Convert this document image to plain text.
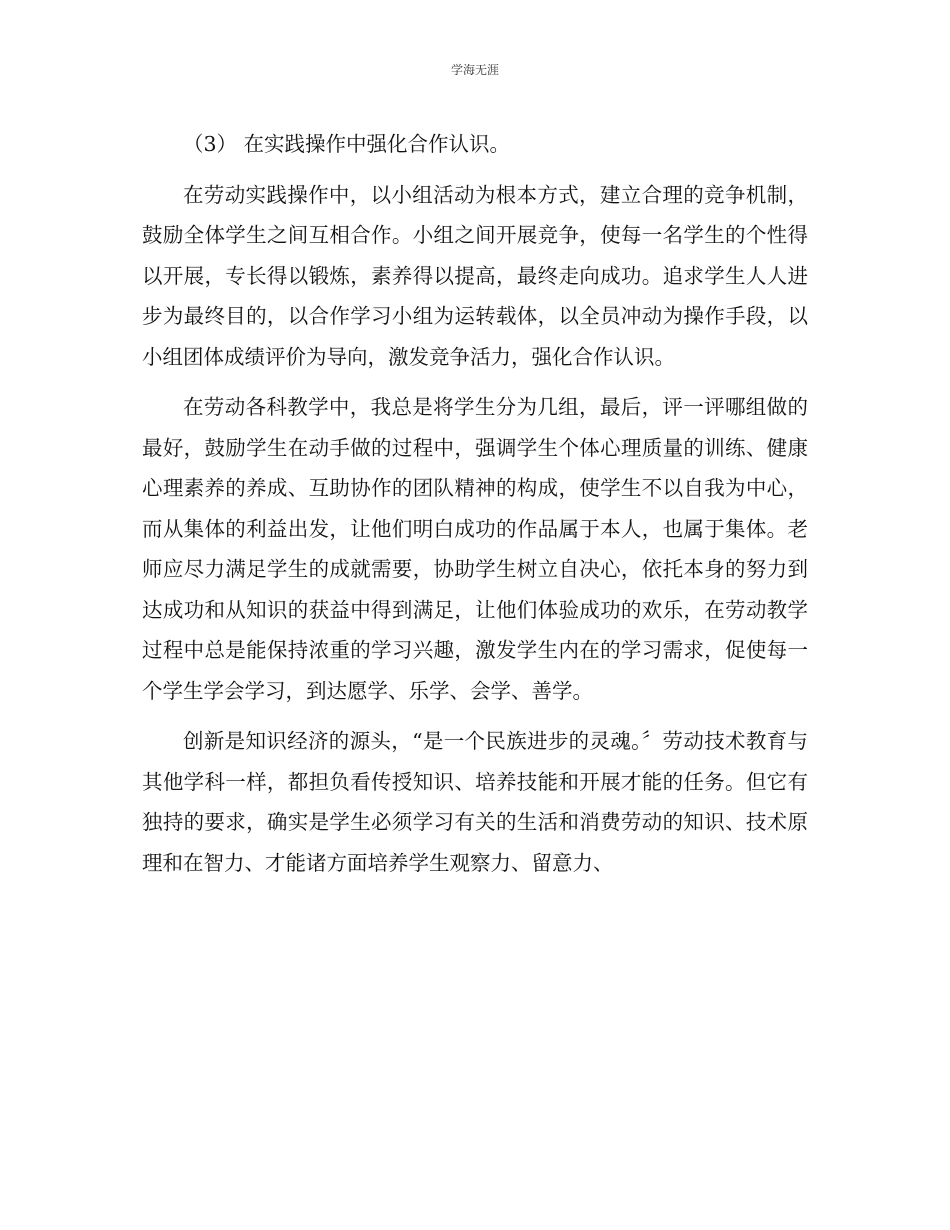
学海无涯

（3） 在实践操作中强化合作认识。

在劳动实践操作中，以小组活动为根本方式，建立合理的竞争机制，鼓励全体学生之间互相合作。小组之间开展竞争，使每一名学生的个性得以开展，专长得以锻炼，素养得以提高，最终走向成功。追求学生人人进步为最终目的，以合作学习小组为运转载体，以全员冲动为操作手段，以小组团体成绩评价为导向，激发竞争活力，强化合作认识。

在劳动各科教学中，我总是将学生分为几组，最后，评一评哪组做的最好，鼓励学生在动手做的过程中，强调学生个体心理质量的训练、健康心理素养的养成、互助协作的团队精神的构成，使学生不以自我为中心，而从集体的利益出发，让他们明白成功的作品属于本人，也属于集体。老师应尽力满足学生的成就需要，协助学生树立自决心，依托本身的努力到达成功和从知识的获益中得到满足，让他们体验成功的欢乐，在劳动教学过程中总是能保持浓重的学习兴趣，激发学生内在的学习需求，促使每一个学生学会学习，到达愿学、乐学、会学、善学。

创新是知识经济的源头，“是一个民族进步的灵魂。〞劳动技术教育与其他学科一样，都担负看传授知识、培养技能和开展才能的任务。但它有独持的要求，确实是学生必须学习有关的生活和消费劳动的知识、技术原理和在智力、才能诸方面培养学生观察力、留意力、
